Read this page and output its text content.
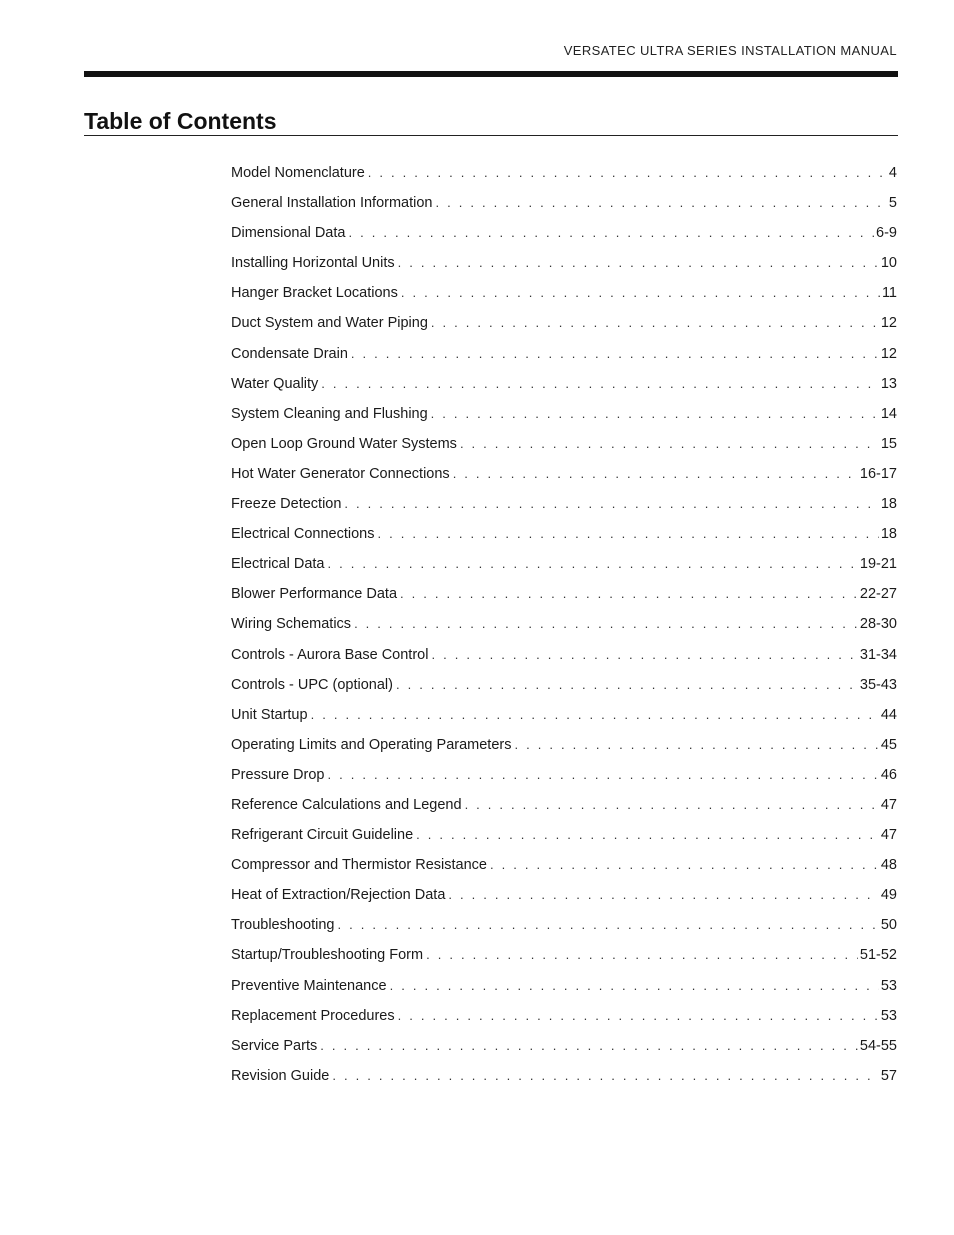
VERSATEC ULTRA SERIES INSTALLATION MANUAL
Table of Contents
Model Nomenclature . . .	4
General Installation Information . . .	5
Dimensional Data . . .	6-9
Installing Horizontal Units . . .	10
Hanger Bracket Locations . . .	11
Duct System and Water Piping . . .	12
Condensate Drain . . .	12
Water Quality . . .	13
System Cleaning and Flushing . . .	14
Open Loop Ground Water Systems . . .	15
Hot Water Generator Connections . . .	16-17
Freeze Detection . . .	18
Electrical Connections . . .	18
Electrical Data . . .	19-21
Blower Performance Data . . .	22-27
Wiring Schematics . . .	28-30
Controls - Aurora Base Control . . .	31-34
Controls - UPC (optional) . . .	35-43
Unit Startup . . .	44
Operating Limits and Operating Parameters . . .	45
Pressure Drop . . .	46
Reference Calculations and Legend . . .	47
Refrigerant Circuit Guideline . . .	47
Compressor and Thermistor Resistance . . .	48
Heat of Extraction/Rejection Data . . .	49
Troubleshooting . . .	50
Startup/Troubleshooting Form . . .	51-52
Preventive Maintenance . . .	53
Replacement Procedures . . .	53
Service Parts . . .	54-55
Revision Guide . . .	57
